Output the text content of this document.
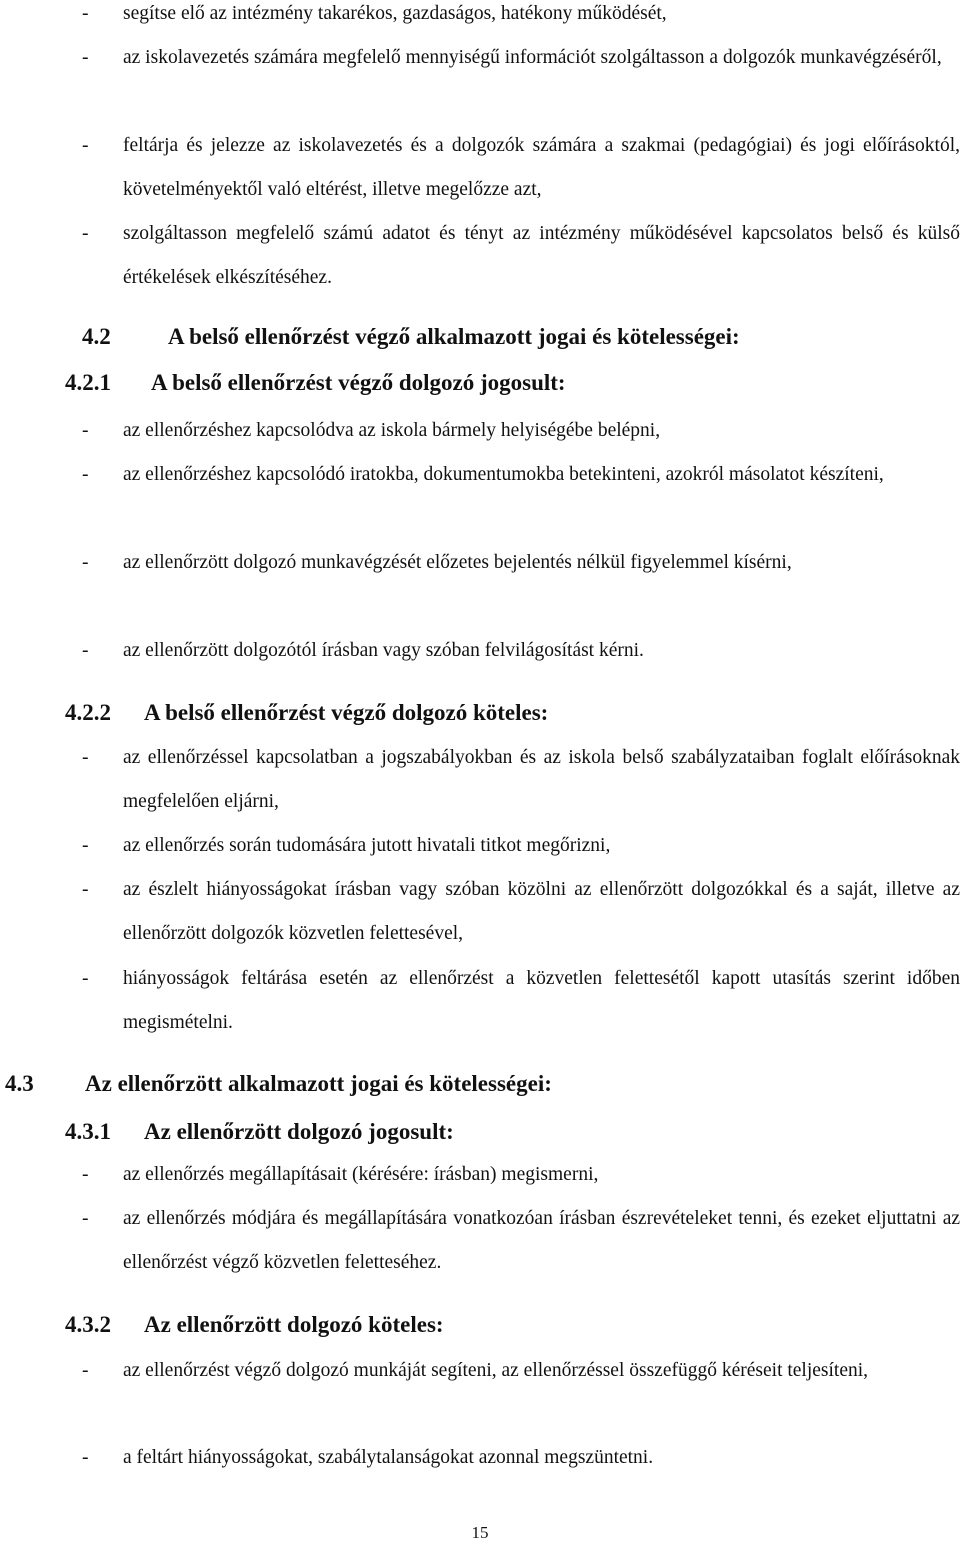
- segítse elő az intézmény takarékos, gazdaságos, hatékony működését,
- az iskolavezetés számára megfelelő mennyiségű információt szolgáltasson a dolgozók munkavégzéséről,
- feltárja és jelezze az iskolavezetés és a dolgozók számára a szakmai (pedagógiai) és jogi előírásoktól, követelményektől való eltérést, illetve megelőzze azt,
- szolgáltasson megfelelő számú adatot és tényt az intézmény működésével kapcsolatos belső és külső értékelések elkészítéséhez.
4.2 A belső ellenőrzést végző alkalmazott jogai és kötelességei:
4.2.1 A belső ellenőrzést végző dolgozó jogosult:
- az ellenőrzéshez kapcsolódva az iskola bármely helyiségébe belépni,
- az ellenőrzéshez kapcsolódó iratokba, dokumentumokba betekinteni, azokról másolatot készíteni,
- az ellenőrzött dolgozó munkavégzését előzetes bejelentés nélkül figyelemmel kísérni,
- az ellenőrzött dolgozótól írásban vagy szóban felvilágosítást kérni.
4.2.2 A belső ellenőrzést végző dolgozó köteles:
- az ellenőrzéssel kapcsolatban a jogszabályokban és az iskola belső szabályzataiban foglalt előírásoknak megfelelően eljárni,
- az ellenőrzés során tudomására jutott hivatali titkot megőrizni,
- az észlelt hiányosságokat írásban vagy szóban közölni az ellenőrzött dolgozókkal és a saját, illetve az ellenőrzött dolgozók közvetlen felettesével,
- hiányosságok feltárása esetén az ellenőrzést a közvetlen felettesétől kapott utasítás szerint időben megismételni.
4.3 Az ellenőrzött alkalmazott jogai és kötelességei:
4.3.1 Az ellenőrzött dolgozó jogosult:
- az ellenőrzés megállapításait (kérésére: írásban) megismerni,
- az ellenőrzés módjára és megállapítására vonatkozóan írásban észrevételeket tenni, és ezeket eljuttatni az ellenőrzést végző közvetlen feletteséhez.
4.3.2 Az ellenőrzött dolgozó köteles:
- az ellenőrzést végző dolgozó munkáját segíteni, az ellenőrzéssel összefüggő kéréseit teljesíteni,
- a feltárt hiányosságokat, szabálytalanságokat azonnal megszüntetni.
15
